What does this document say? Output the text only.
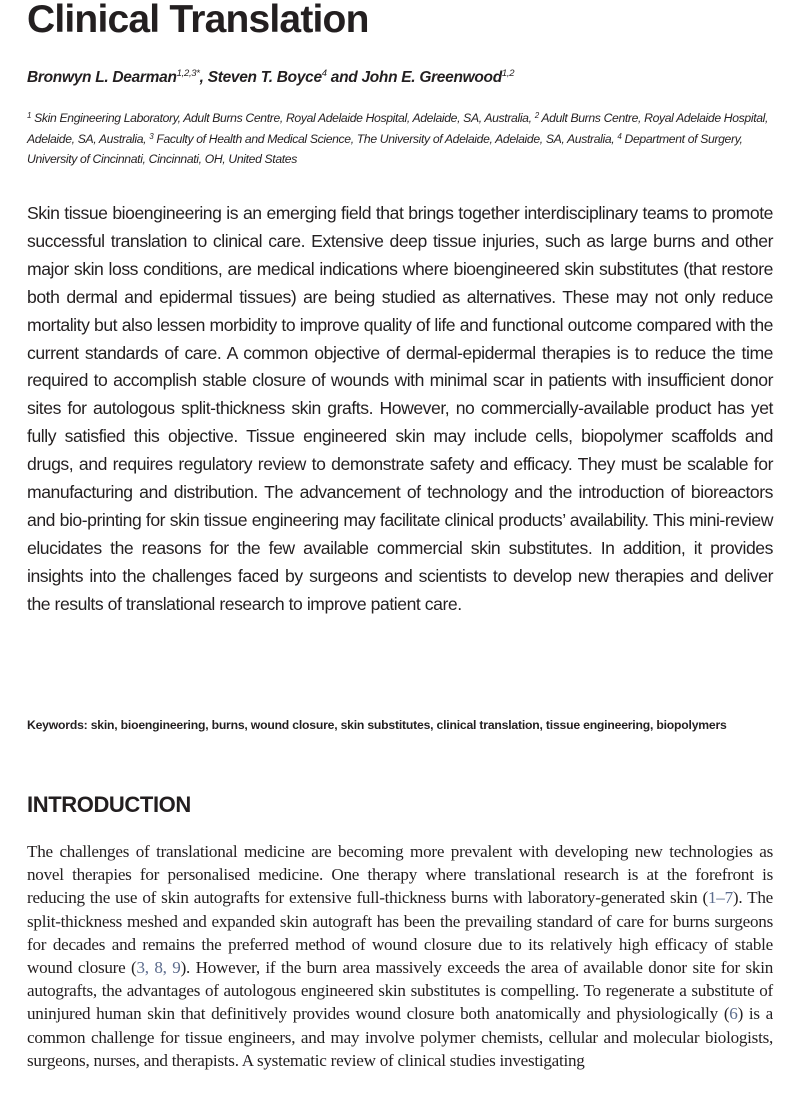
Clinical Translation
Bronwyn L. Dearman$^{1,2,3*}$, Steven T. Boyce$^4$ and John E. Greenwood$^{1,2}$
$^1$ Skin Engineering Laboratory, Adult Burns Centre, Royal Adelaide Hospital, Adelaide, SA, Australia, $^2$ Adult Burns Centre, Royal Adelaide Hospital, Adelaide, SA, Australia, $^3$ Faculty of Health and Medical Science, The University of Adelaide, Adelaide, SA, Australia, $^4$ Department of Surgery, University of Cincinnati, Cincinnati, OH, United States

Skin tissue bioengineering is an emerging field that brings together interdisciplinary teams to promote successful translation to clinical care. Extensive deep tissue injuries, such as large burns and other major skin loss conditions, are medical indications where bioengineered skin substitutes (that restore both dermal and epidermal tissues) are being studied as alternatives. These may not only reduce mortality but also lessen morbidity to improve quality of life and functional outcome compared with the current standards of care. A common objective of dermal-epidermal therapies is to reduce the time required to accomplish stable closure of wounds with minimal scar in patients with insufficient donor sites for autologous split-thickness skin grafts. However, no commercially-available product has yet fully satisfied this objective. Tissue engineered skin may include cells, biopolymer scaffolds and drugs, and requires regulatory review to demonstrate safety and efficacy. They must be scalable for manufacturing and distribution. The advancement of technology and the introduction of bioreactors and bio-printing for skin tissue engineering may facilitate clinical products’ availability. This mini-review elucidates the reasons for the few available commercial skin substitutes. In addition, it provides insights into the challenges faced by surgeons and scientists to develop new therapies and deliver the results of translational research to improve patient care.

Keywords: skin, bioengineering, burns, wound closure, skin substitutes, clinical translation, tissue engineering, biopolymers

INTRODUCTION

The challenges of translational medicine are becoming more prevalent with developing new technologies as novel therapies for personalised medicine. One therapy where translational research is at the forefront is reducing the use of skin autografts for extensive full-thickness burns with laboratory-generated skin (1–7). The split-thickness meshed and expanded skin autograft has been the prevailing standard of care for burns surgeons for decades and remains the preferred method of wound closure due to its relatively high efficacy of stable wound closure (3, 8, 9). However, if the burn area massively exceeds the area of available donor site for skin autografts, the advantages of autologous engineered skin substitutes is compelling. To regenerate a substitute of uninjured human skin that definitively provides wound closure both anatomically and physiologically (6) is a common challenge for tissue engineers, and may involve polymer chemists, cellular and molecular biologists, surgeons, nurses, and therapists. A systematic review of clinical studies investigating
